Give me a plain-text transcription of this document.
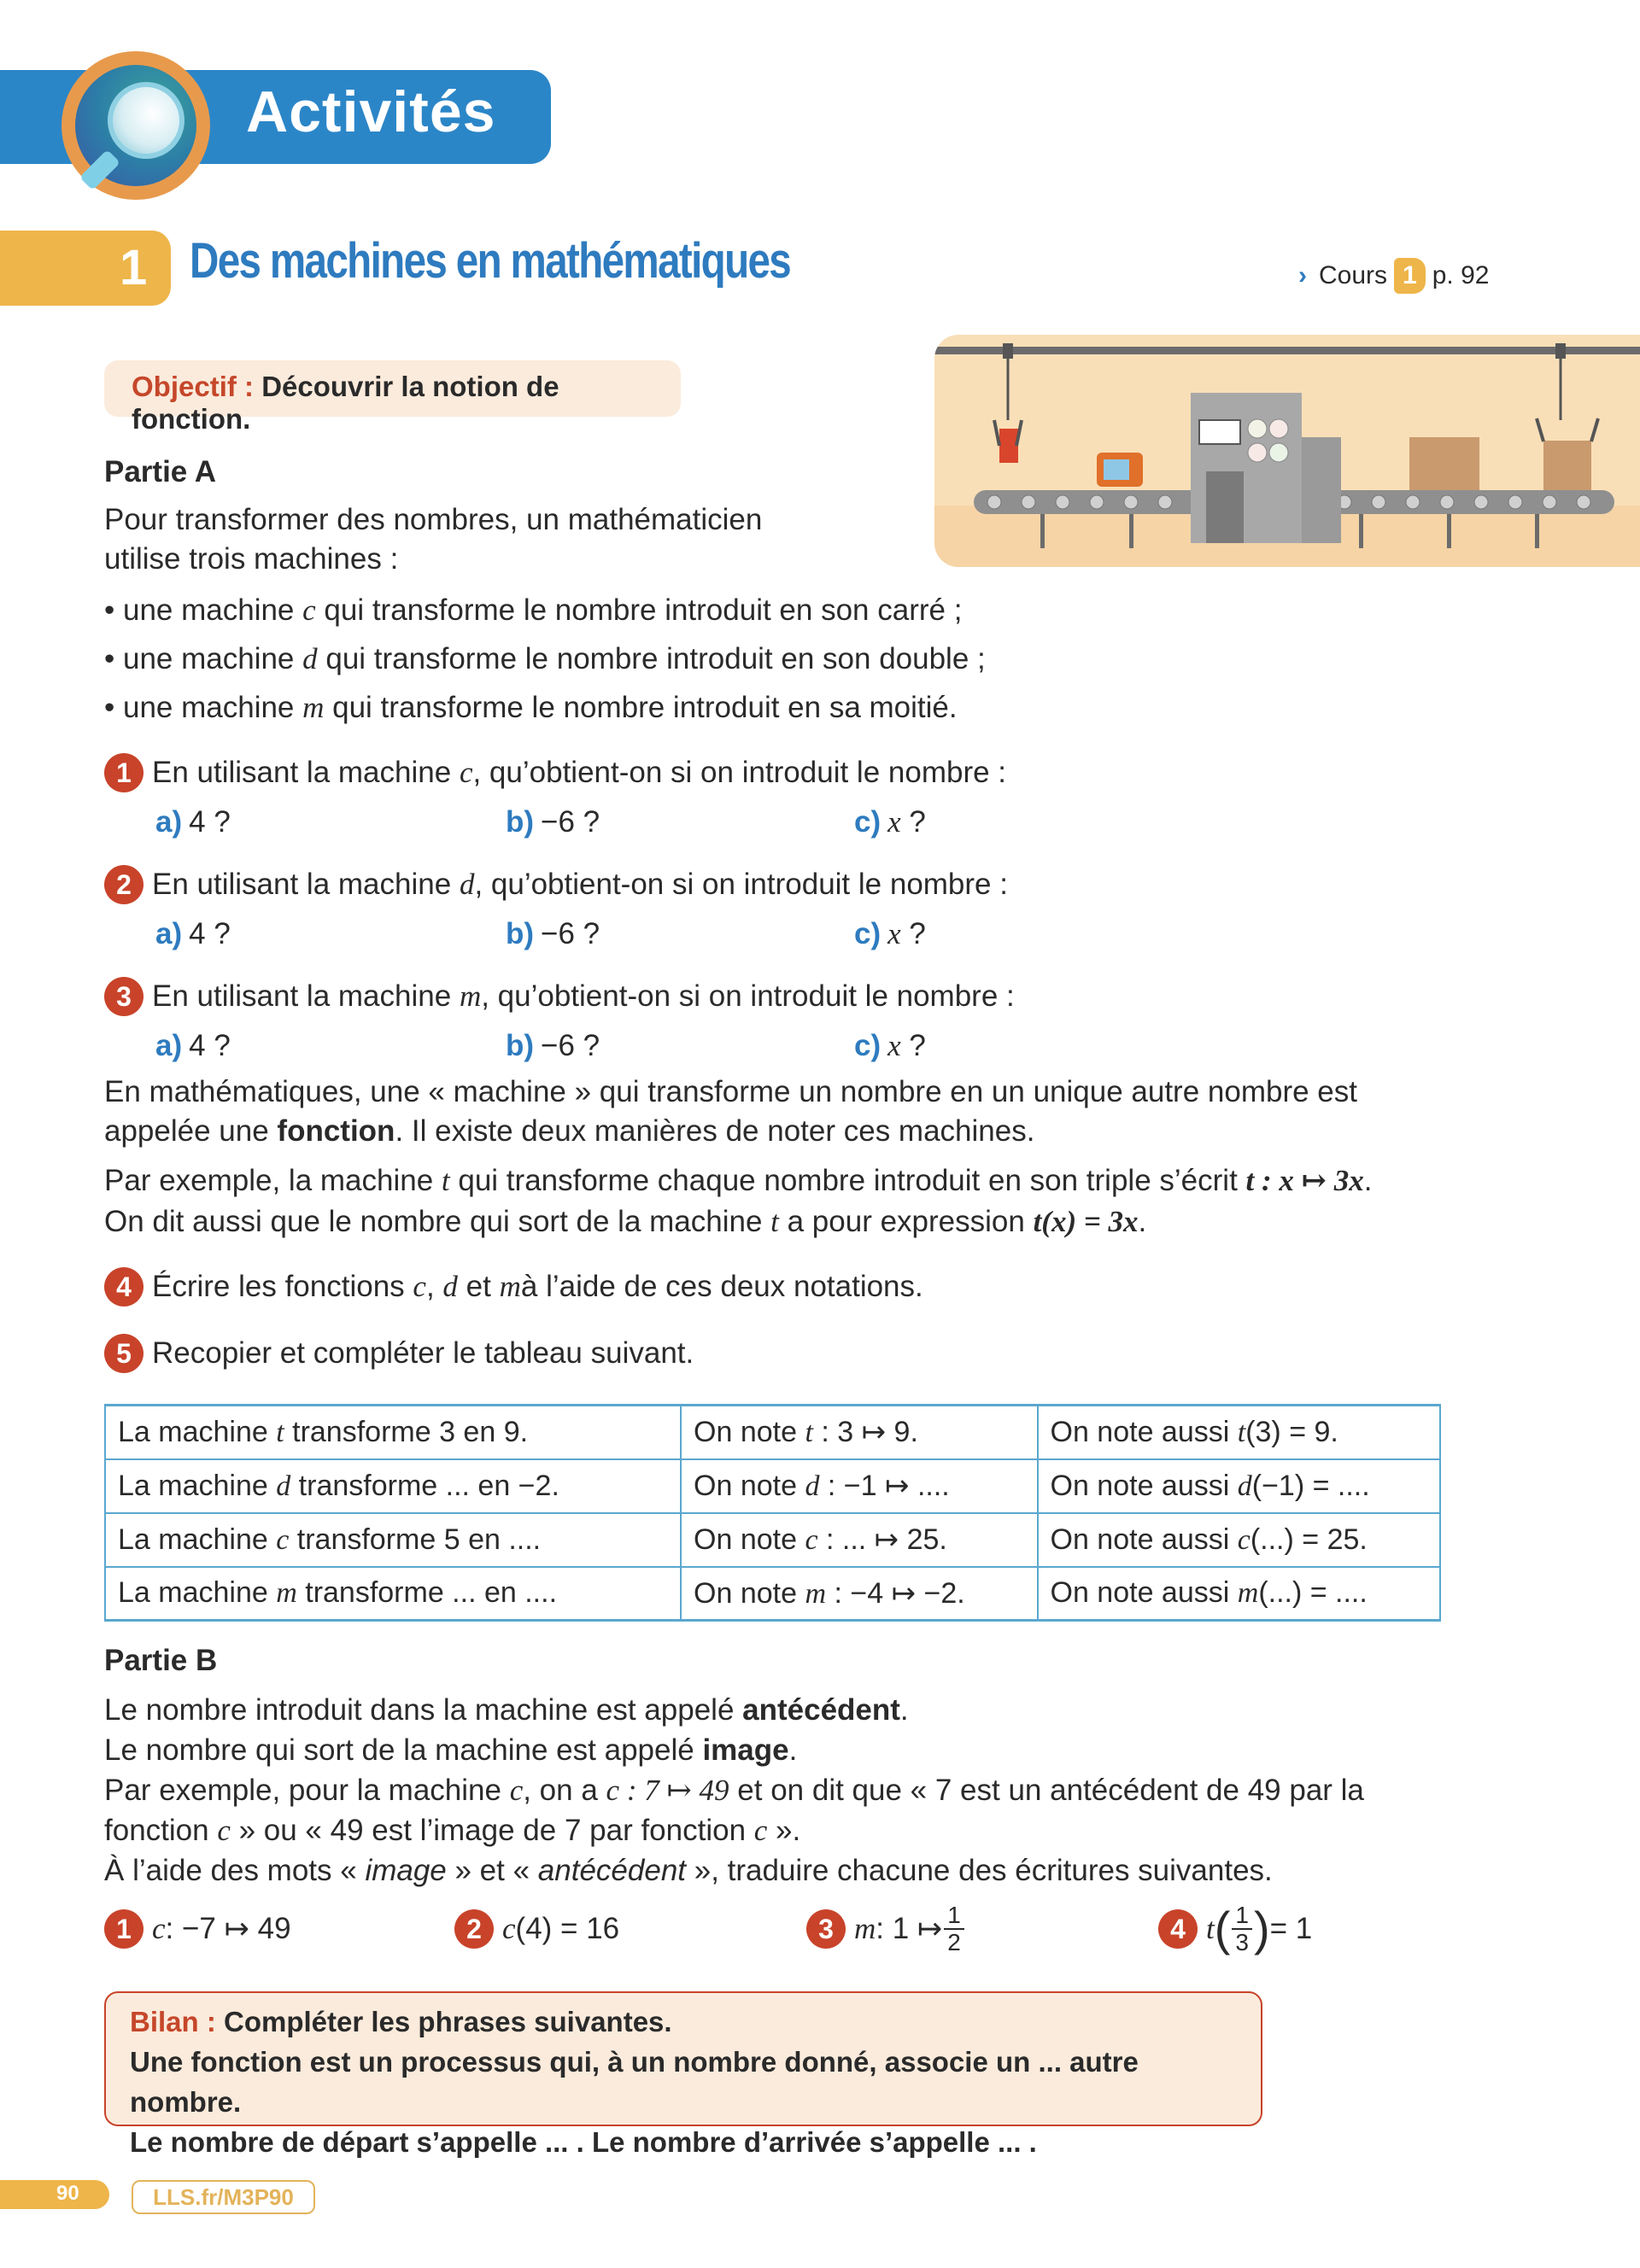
Activités
1 Des machines en mathématiques	› Cours 1 p. 92
Objectif : Découvrir la notion de fonction.
Partie A
Pour transformer des nombres, un mathématicien
utilise trois machines :
• une machine c qui transforme le nombre introduit en son carré ;
• une machine d qui transforme le nombre introduit en son double ;
• une machine m qui transforme le nombre introduit en sa moitié.
1 En utilisant la machine
c , qu’obtient-on si on introduit le nombre :
a) 4 ?	b) −6 ?	c) x ?
2 En utilisant la machine
d , qu’obtient-on si on introduit le nombre :
a) 4 ?	b) −6 ?	c) x ?
3 En utilisant la machine
m , qu’obtient-on si on introduit le nombre :
a) 4 ?	b) −6 ?	c) x ?
En mathématiques, une « machine » qui transforme un nombre en un unique autre nombre est
appelée une fonction. Il existe deux manières de noter ces machines.
Par exemple, la machine t qui transforme chaque nombre introduit en son triple s’écrit t : x ↦ 3x.
On dit aussi que le nombre qui sort de la machine t a pour expression t(x) = 3x.
4 Écrire les fonctions
c ,
d
et
m à l’aide de ces deux notations.
5 Recopier et compléter le tableau suivant.
La machine t transforme 3 en 9.	On note t : 3 ↦ 9.	On note aussi t(3) = 9.
La machine d transforme ... en −2.	On note d : −1 ↦ ....	On note aussi d(−1) = ....
La machine c transforme 5 en ....	On note c : ... ↦ 25.	On note aussi c(...) = 25.
La machine m transforme ... en ....	On note m : −4 ↦ −2.	On note aussi m(...) = ....
Partie B
Le nombre introduit dans la machine est appelé antécédent.
Le nombre qui sort de la machine est appelé image.
Par exemple, pour la machine c, on a c : 7 ↦ 49 et on dit que « 7 est un antécédent de 49 par la
fonction c » ou « 49 est l’image de 7 par fonction c ».
À l’aide des mots « image » et « antécédent », traduire chacune des écritures suivantes.
1 c : −7 ↦ 49	2 c (4) = 16	3 m : 1 ↦ $\frac{1}{2}$	4 t ( $\frac{1}{3}$ ) = 1
Bilan : Compléter les phrases suivantes.
Une fonction est un processus qui, à un nombre donné, associe un ... autre nombre.
Le nombre de départ s’appelle ... . Le nombre d’arrivée s’appelle ... .
90	LLS.fr/M3P90
